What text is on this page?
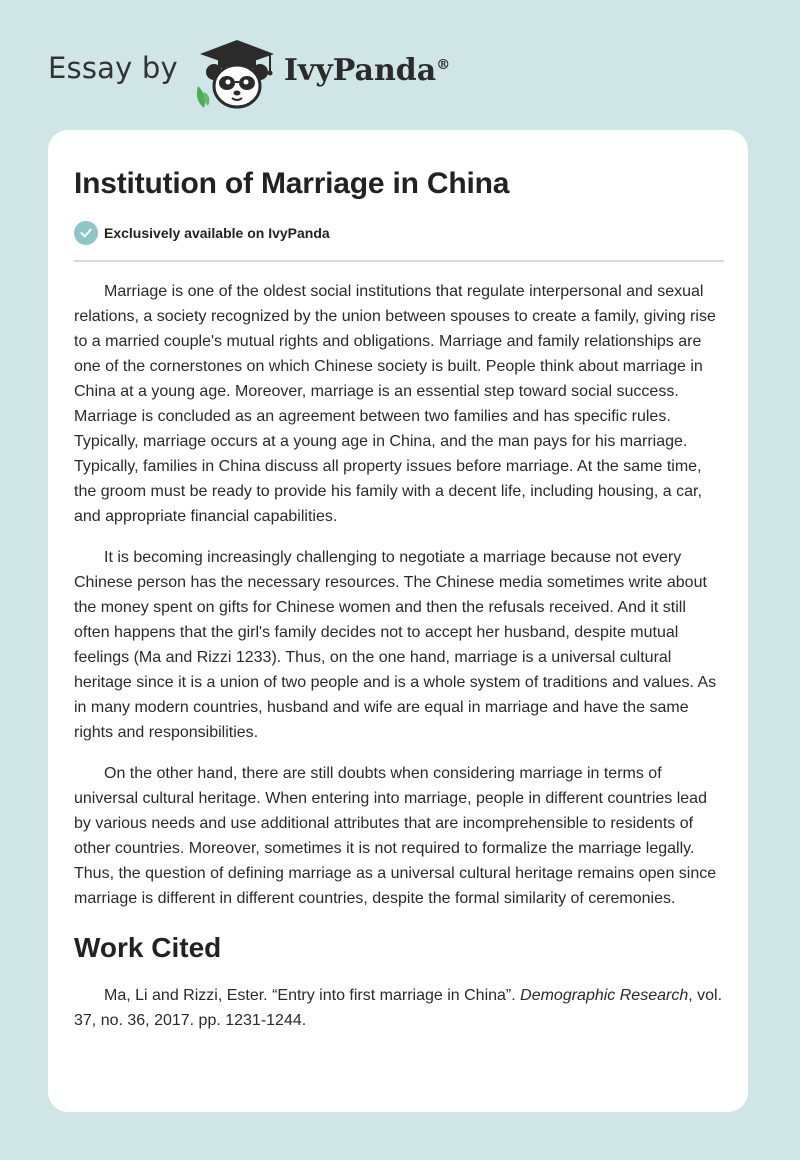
Essay by	IvyPanda®
Institution of Marriage in China
Exclusively available on IvyPanda

Marriage is one of the oldest social institutions that regulate interpersonal and sexual relations, a society recognized by the union between spouses to create a family, giving rise to a married couple's mutual rights and obligations. Marriage and family relationships are one of the cornerstones on which Chinese society is built. People think about marriage in China at a young age. Moreover, marriage is an essential step toward social success. Marriage is concluded as an agreement between two families and has specific rules. Typically, marriage occurs at a young age in China, and the man pays for his marriage. Typically, families in China discuss all property issues before marriage. At the same time, the groom must be ready to provide his family with a decent life, including housing, a car, and appropriate financial capabilities.

It is becoming increasingly challenging to negotiate a marriage because not every Chinese person has the necessary resources. The Chinese media sometimes write about the money spent on gifts for Chinese women and then the refusals received. And it still often happens that the girl's family decides not to accept her husband, despite mutual feelings (Ma and Rizzi 1233). Thus, on the one hand, marriage is a universal cultural heritage since it is a union of two people and is a whole system of traditions and values. As in many modern countries, husband and wife are equal in marriage and have the same rights and responsibilities.

On the other hand, there are still doubts when considering marriage in terms of universal cultural heritage. When entering into marriage, people in different countries lead by various needs and use additional attributes that are incomprehensible to residents of other countries. Moreover, sometimes it is not required to formalize the marriage legally. Thus, the question of defining marriage as a universal cultural heritage remains open since marriage is different in different countries, despite the formal similarity of ceremonies.

Work Cited

Ma, Li and Rizzi, Ester. “Entry into first marriage in China”. Demographic Research, vol. 37, no. 36, 2017. pp. 1231-1244.
